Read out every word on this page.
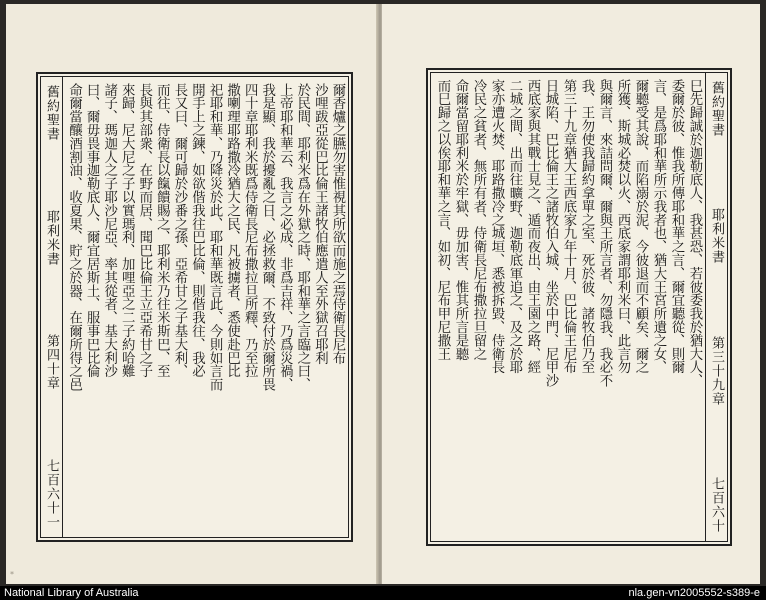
舊約聖書
耶利米書
第四十章
七百六十一
爾香爐之臙勿害惟視其所欲而施之焉侍衛長尼布
沙哩跋亞從巴比倫王諸牧伯應遣人至外獄召耶利
於民間、耶利米爲在外獄之時、耶和華之言臨之曰、
上帝耶和華云、我言之必成、非爲吉祥、乃爲災禍、
我是顯、我於擾亂之日、必拯救爾、不致付於爾所畏
四十章耶利米既爲侍衛長尼布撒拉旦所釋、乃至拉
撒喇理耶路撒冷猶大之民、凡被擄者、悉使赴巴比
祀耶和華、乃降災於此、耶和華既言此、今則如言而
開手上之鍊、如欲偕我往巴比倫、則偕我往、我必
長又曰、爾可歸於沙番之孫、亞希甘之子基大利、
而往、侍衛長以餼饋賜之、耶利米乃往米斯巴、至
長與其部衆、在野而居、聞巴比倫王立亞希甘之子
來歸、尼大尼之子以實瑪利、加哩亞之二子約哈難
諸子、瑪迦人之子耶沙尼亞、率其從者、基大利沙
曰、爾毋畏事迦勒底人、爾宜居斯土、服事巴比倫
命爾當釀酒割油、收夏果、貯之於器、在爾所得之邑
*
巳先歸誠於迦勒底人、我甚恐、若彼委我於猶大人、
委爾於彼、惟我所傳耶和華之言、爾宜聽從、則爾
言、是爲耶和華所示我者也、猶大王宮所遺之女、
爾聽受其說、而陷溺於泥、今彼退而不顧矣、爾之
所獲、斯城必焚以火、西底家謂耶利米曰、此言勿
與爾言、來詰問爾、爾與王所言者、勿隱我、我必不
我、王勿使我歸約拿單之室、死於彼、諸牧伯乃至
第三十九章猶大王西底家九年十月、巴比倫王尼布
日城陷、巴比倫王之諸牧伯入城、坐於中門、尼甲沙
西底家與其戰士見之、遁而夜出、由王園之路、經
二城之間、出而往曠野、迦勒底軍追之、及之於耶
家亦遭火焚、耶路撒冷之城垣、悉被拆毀、侍衛長
冷民之貧者、無所有者、侍衛長尼布撒拉旦留之
命爾當留耶利米於牢獄、毋加害、惟其所言是聽
而巳歸之以俟耶和華之言、如初、尼布甲尼撒王	舊約聖書
耶利米書
第三十九章
七百六十
National Library of Australia	nla.gen-vn2005552-s389-e
